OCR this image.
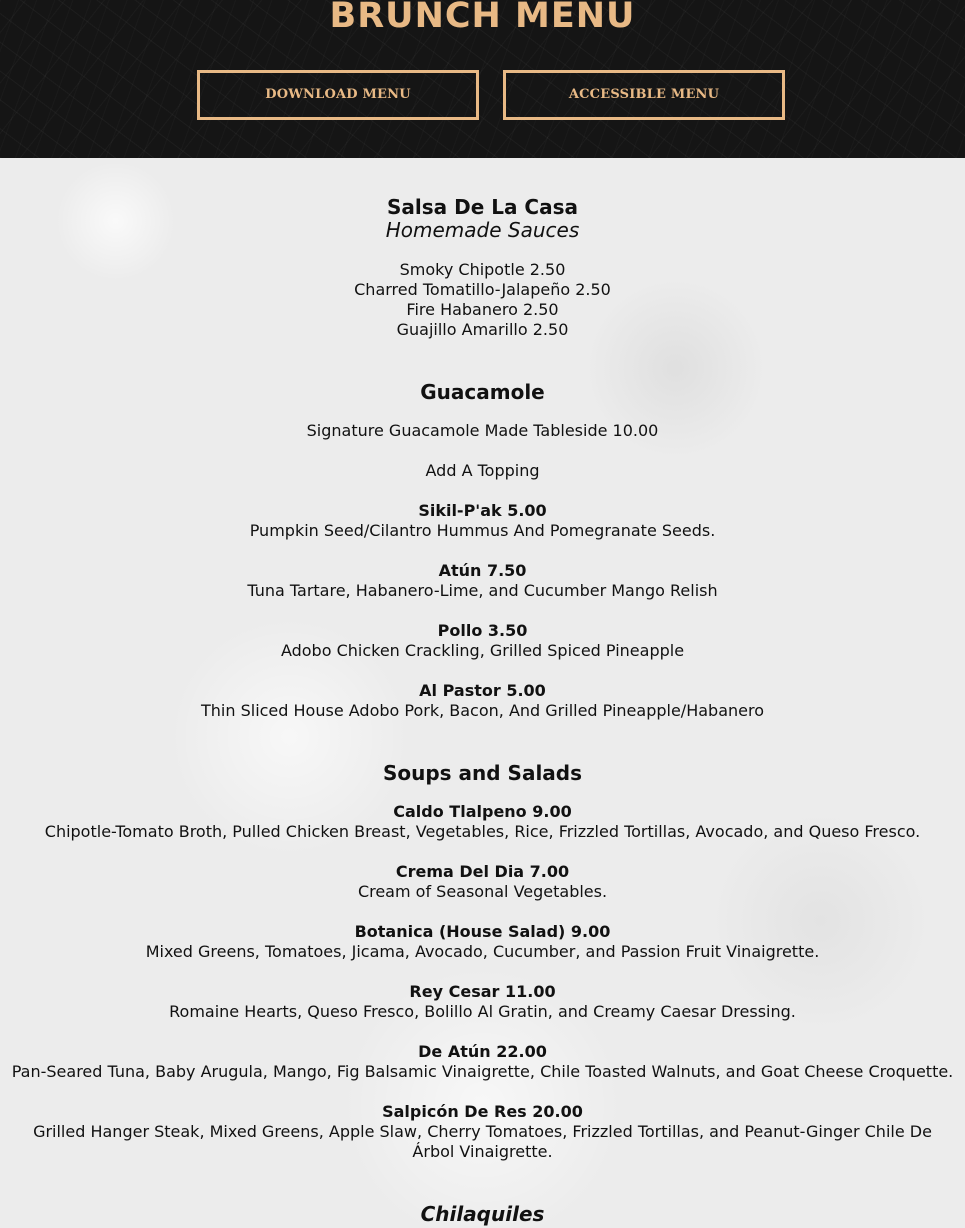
BRUNCH MENU
DOWNLOAD MENU	ACCESSIBLE MENU
Salsa De La Casa
Homemade Sauces
Smoky Chipotle 2.50
Charred Tomatillo-Jalapeño 2.50
Fire Habanero 2.50
Guajillo Amarillo 2.50
Guacamole
Signature Guacamole Made Tableside 10.00
Add A Topping
Sikil-P'ak 5.00
Pumpkin Seed/Cilantro Hummus And Pomegranate Seeds.
Atún 7.50
Tuna Tartare, Habanero-Lime, and Cucumber Mango Relish
Pollo 3.50
Adobo Chicken Crackling, Grilled Spiced Pineapple
Al Pastor 5.00
Thin Sliced House Adobo Pork, Bacon, And Grilled Pineapple/Habanero
Soups and Salads
Caldo Tlalpeno 9.00
Chipotle-Tomato Broth, Pulled Chicken Breast, Vegetables, Rice, Frizzled Tortillas, Avocado, and Queso Fresco.
Crema Del Dia 7.00
Cream of Seasonal Vegetables.
Botanica (House Salad) 9.00
Mixed Greens, Tomatoes, Jicama, Avocado, Cucumber, and Passion Fruit Vinaigrette.
Rey Cesar 11.00
Romaine Hearts, Queso Fresco, Bolillo Al Gratin, and Creamy Caesar Dressing.
De Atún 22.00
Pan-Seared Tuna, Baby Arugula, Mango, Fig Balsamic Vinaigrette, Chile Toasted Walnuts, and Goat Cheese Croquette.
Salpicón De Res 20.00
Grilled Hanger Steak, Mixed Greens, Apple Slaw, Cherry Tomatoes, Frizzled Tortillas, and Peanut-Ginger Chile De Árbol Vinaigrette.
Chilaquiles
